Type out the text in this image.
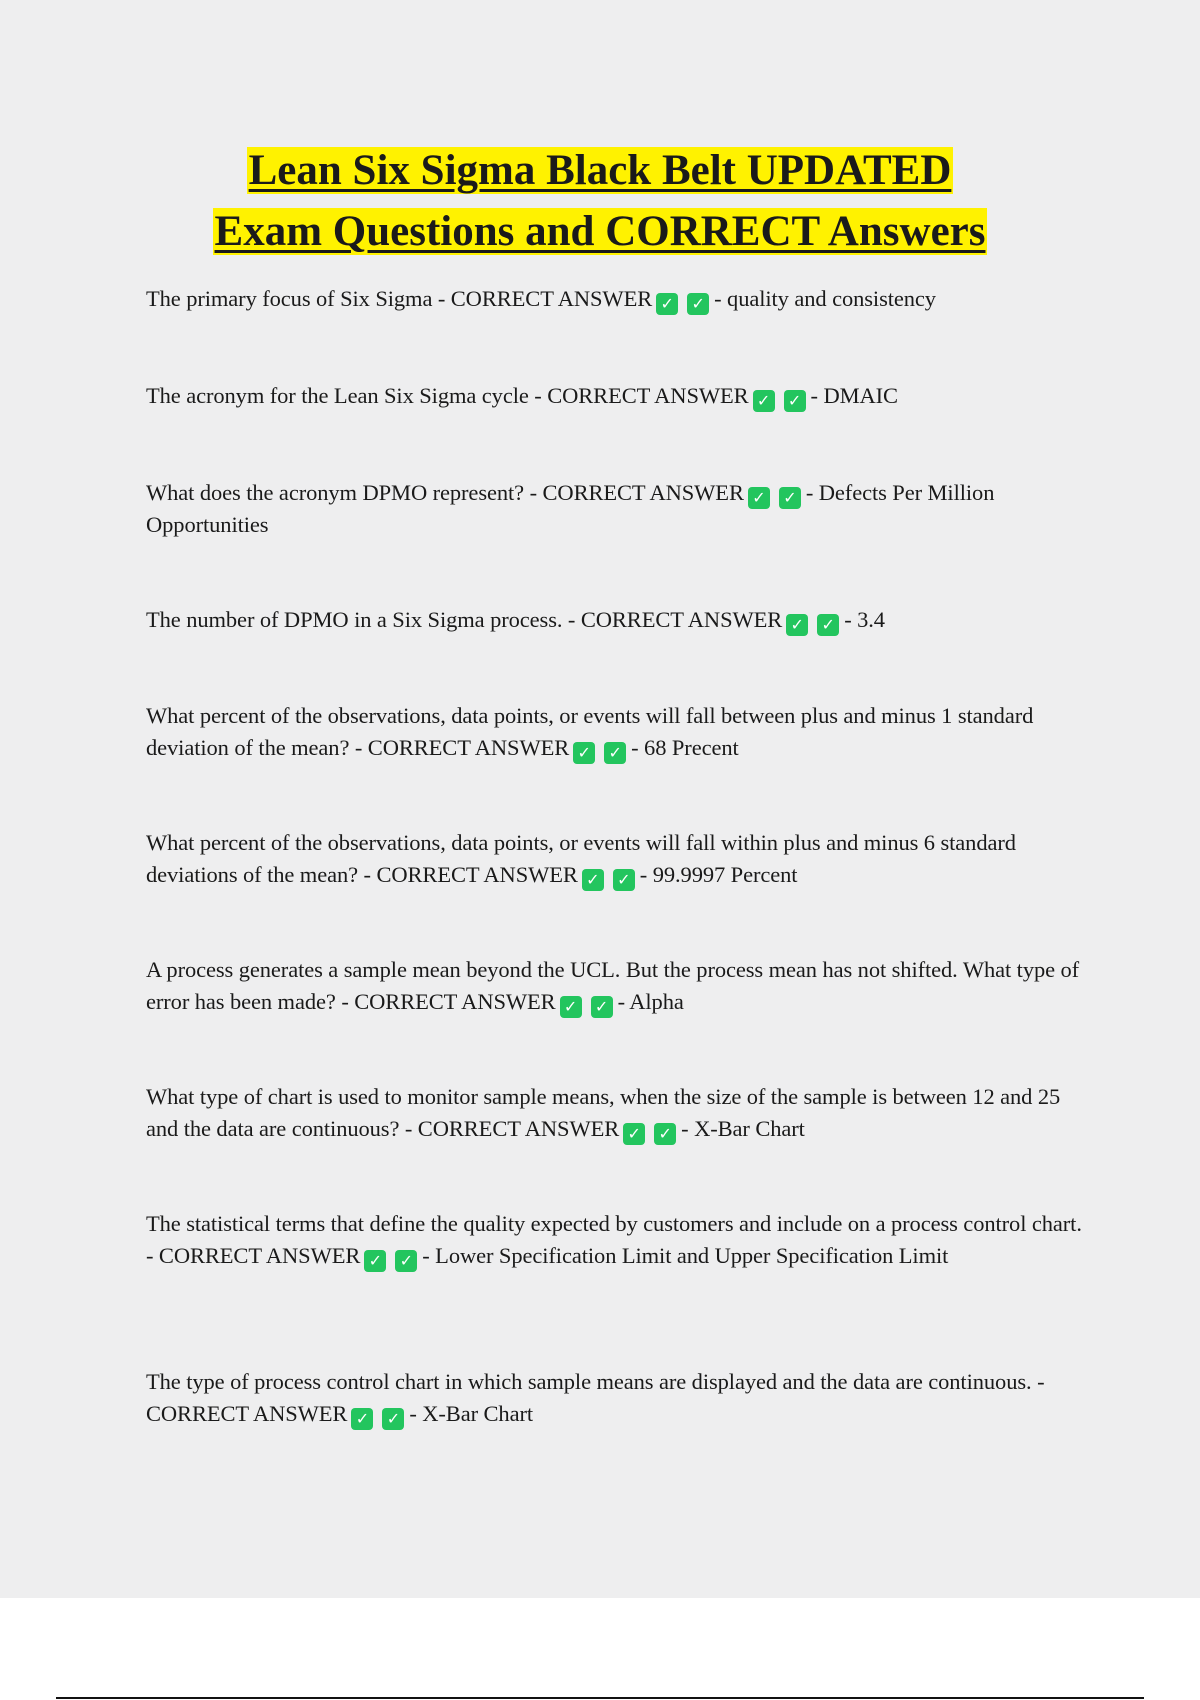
Lean Six Sigma Black Belt UPDATED
Exam Questions and CORRECT Answers

The primary focus of Six Sigma - CORRECT ANSWER ✓ ✓ - quality and consistency

The acronym for the Lean Six Sigma cycle - CORRECT ANSWER ✓ ✓ - DMAIC

What does the acronym DPMO represent? - CORRECT ANSWER ✓ ✓ - Defects Per Million Opportunities

The number of DPMO in a Six Sigma process. - CORRECT ANSWER ✓ ✓ - 3.4

What percent of the observations, data points, or events will fall between plus and minus 1 standard deviation of the mean? - CORRECT ANSWER ✓ ✓ - 68 Precent

What percent of the observations, data points, or events will fall within plus and minus 6 standard deviations of the mean? - CORRECT ANSWER ✓ ✓ - 99.9997 Percent

A process generates a sample mean beyond the UCL. But the process mean has not shifted. What type of error has been made? - CORRECT ANSWER ✓ ✓ - Alpha

What type of chart is used to monitor sample means, when the size of the sample is between 12 and 25 and the data are continuous? - CORRECT ANSWER ✓ ✓ - X-Bar Chart

The statistical terms that define the quality expected by customers and include on a process control chart. - CORRECT ANSWER ✓ ✓ - Lower Specification Limit and Upper Specification Limit

The type of process control chart in which sample means are displayed and the data are continuous. - CORRECT ANSWER ✓ ✓ - X-Bar Chart
